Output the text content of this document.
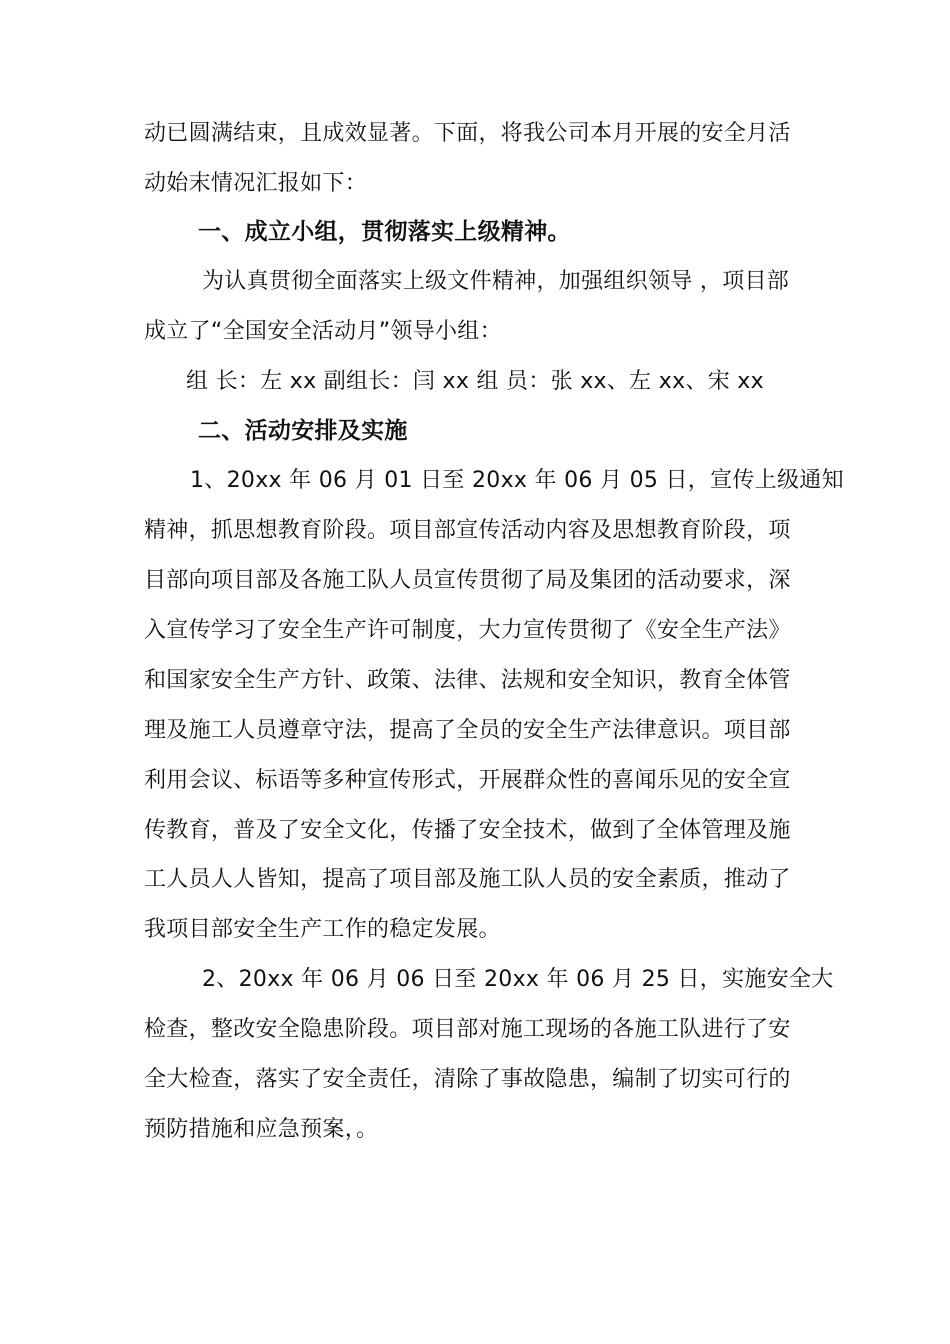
动已圆满结束，且成效显著。下面，将我公司本月开展的安全月活
动始末情况汇报如下：
一、成立小组，贯彻落实上级精神。
为认真贯彻全面落实上级文件精神，加强组织领导 ，项目部
成立了“全国安全活动月”领导小组：
组 长：左 xx 副组长：闫 xx 组 员：张 xx、左 xx、宋 xx
二、活动安排及实施
1、20xx 年 06 月 01 日至 20xx 年 06 月 05 日，宣传上级通知
精神，抓思想教育阶段。项目部宣传活动内容及思想教育阶段，项
目部向项目部及各施工队人员宣传贯彻了局及集团的活动要求，深
入宣传学习了安全生产许可制度，大力宣传贯彻了《安全生产法》
和国家安全生产方针、政策、法律、法规和安全知识，教育全体管
理及施工人员遵章守法，提高了全员的安全生产法律意识。项目部
利用会议、标语等多种宣传形式，开展群众性的喜闻乐见的安全宣
传教育，普及了安全文化，传播了安全技术，做到了全体管理及施
工人员人人皆知，提高了项目部及施工队人员的安全素质，推动了
我项目部安全生产工作的稳定发展。
2、20xx 年 06 月 06 日至 20xx 年 06 月 25 日，实施安全大
检查，整改安全隐患阶段。项目部对施工现场的各施工队进行了安
全大检查，落实了安全责任，清除了事故隐患，编制了切实可行的
预防措施和应急预案，。
